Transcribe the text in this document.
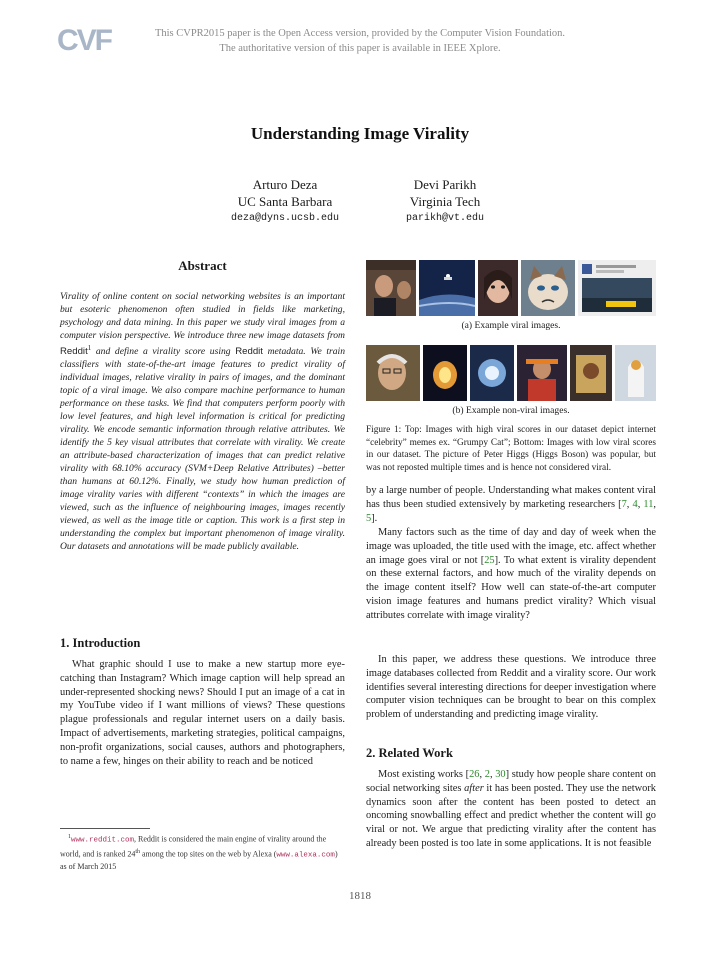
CVF	This CVPR2015 paper is the Open Access version, provided by the Computer Vision Foundation.
The authoritative version of this paper is available in IEEE Xplore.
Understanding Image Virality
Arturo Deza
UC Santa Barbara
deza@dyns.ucsb.edu
Devi Parikh
Virginia Tech
parikh@vt.edu
Abstract
Virality of online content on social networking websites is an important but esoteric phenomenon often studied in fields like marketing, psychology and data mining. In this paper we study viral images from a computer vision perspective. We introduce three new image datasets from Reddit$^1$ and define a virality score using Reddit metadata. We train classifiers with state-of-the-art image features to predict virality of individual images, relative virality in pairs of images, and the dominant topic of a viral image. We also compare machine performance to human performance on these tasks. We find that computers perform poorly with low level features, and high level information is critical for predicting virality. We encode semantic information through relative attributes. We identify the 5 key visual attributes that correlate with virality. We create an attribute-based characterization of images that can predict relative virality with 68.10% accuracy (SVM+Deep Relative Attributes) –better than humans at 60.12%. Finally, we study how human prediction of image virality varies with different “contexts” in which the images are viewed, such as the influence of neighbouring images, images recently viewed, as well as the image title or caption. This work is a first step in understanding the complex but important phenomenon of image virality. Our datasets and annotations will be made publicly available.
1. Introduction
What graphic should I use to make a new startup more eye-catching than Instagram? Which image caption will help spread an under-represented shocking news? Should I put an image of a cat in my YouTube video if I want millions of views? These questions plague professionals and regular internet users on a daily basis. Impact of advertisements, marketing strategies, political campaigns, non-profit organizations, social causes, authors and photographers, to name a few, hinges on their ability to reach and be noticed
$^1$www.reddit.com, Reddit is considered the main engine of virality around the world, and is ranked 24th among the top sites on the web by Alexa (www.alexa.com) as of March 2015
(a) Example viral images.
(b) Example non-viral images.
Figure 1: Top: Images with high viral scores in our dataset depict internet “celebrity” memes ex. “Grumpy Cat”; Bottom: Images with low viral scores in our dataset. The picture of Peter Higgs (Higgs Boson) was popular, but was not reposted multiple times and is hence not considered viral.
by a large number of people. Understanding what makes content viral has thus been studied extensively by marketing researchers [7, 4, 11, 5].
Many factors such as the time of day and day of week when the image was uploaded, the title used with the image, etc. affect whether an image goes viral or not [25]. To what extent is virality dependent on these external factors, and how much of the virality depends on the image content itself? How well can state-of-the-art computer vision image features and humans predict virality? Which visual attributes correlate with image virality?
In this paper, we address these questions. We introduce three image databases collected from Reddit and a virality score. Our work identifies several interesting directions for deeper investigation where computer vision techniques can be brought to bear on this complex problem of understanding and predicting image virality.
2. Related Work
Most existing works [26, 2, 30] study how people share content on social networking sites after it has been posted. They use the network dynamics soon after the content has been posted to detect an oncoming snowballing effect and predict whether the content will go viral or not. We argue that predicting virality after the content has already been posted is too late in some applications. It is not feasible
1818
